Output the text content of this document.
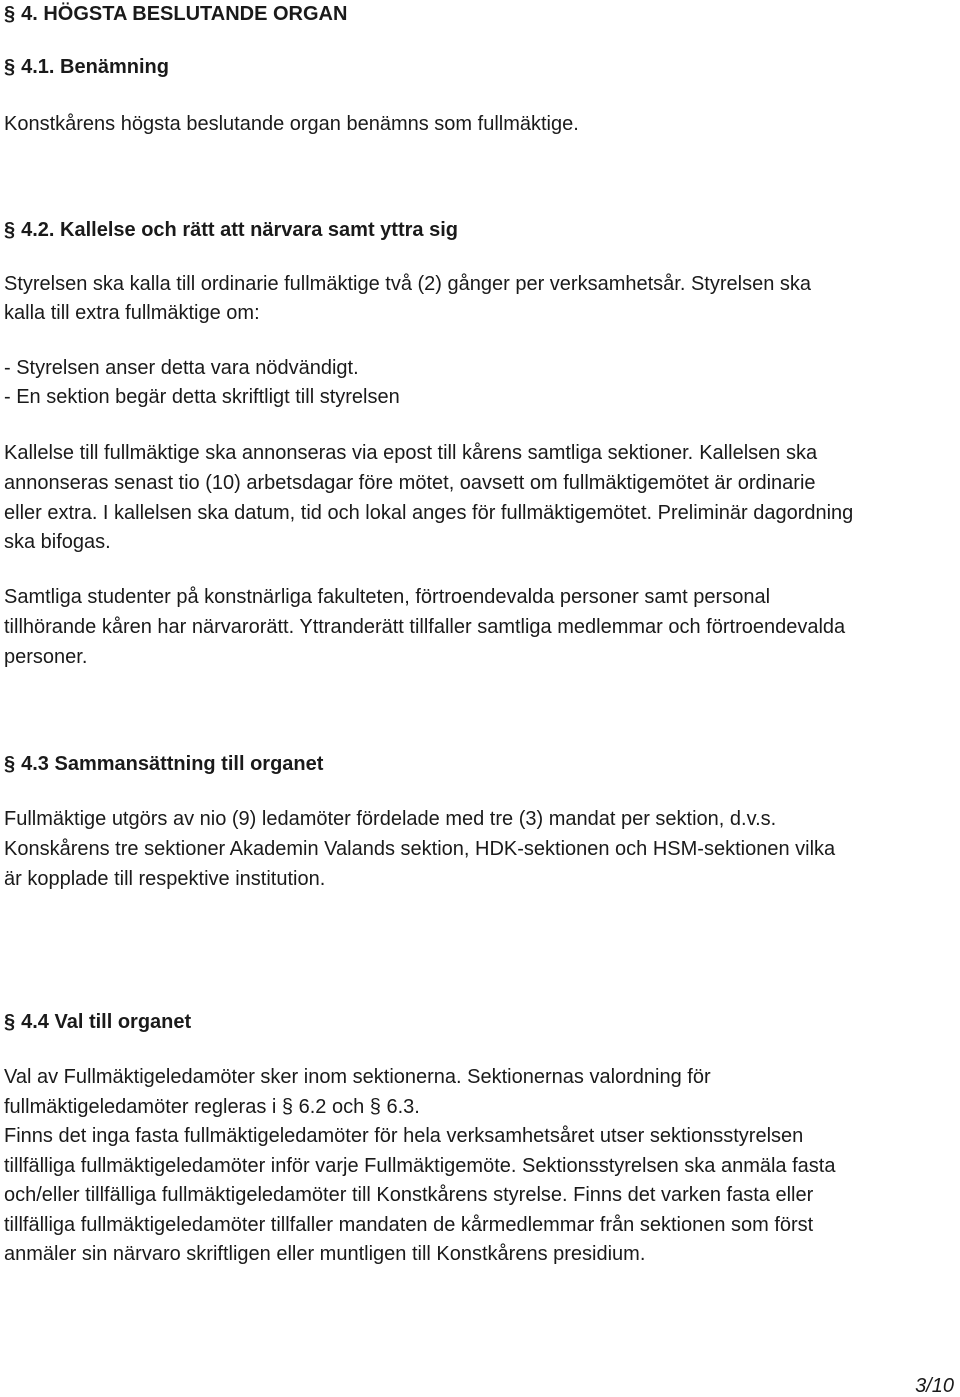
§ 4. HÖGSTA BESLUTANDE ORGAN
§ 4.1. Benämning
Konstkårens högsta beslutande organ benämns som fullmäktige.
§ 4.2. Kallelse och rätt att närvara samt yttra sig
Styrelsen ska kalla till ordinarie fullmäktige två (2) gånger per verksamhetsår. Styrelsen ska
kalla till extra fullmäktige om:
- Styrelsen anser detta vara nödvändigt.
- En sektion begär detta skriftligt till styrelsen
Kallelse till fullmäktige ska annonseras via epost till kårens samtliga sektioner. Kallelsen ska
annonseras senast tio (10) arbetsdagar före mötet, oavsett om fullmäktigemötet är ordinarie
eller extra. I kallelsen ska datum, tid och lokal anges för fullmäktigemötet. Preliminär dagordning
ska bifogas.
Samtliga studenter på konstnärliga fakulteten, förtroendevalda personer samt personal
tillhörande kåren har närvarorätt. Yttranderätt tillfaller samtliga medlemmar och förtroendevalda
personer.
§ 4.3 Sammansättning till organet
Fullmäktige utgörs av nio (9) ledamöter fördelade med tre (3) mandat per sektion, d.v.s.
Konskårens tre sektioner Akademin Valands sektion, HDK-sektionen och HSM-sektionen vilka
är kopplade till respektive institution.
§ 4.4 Val till organet
Val av Fullmäktigeledamöter sker inom sektionerna. Sektionernas valordning för
fullmäktigeledamöter regleras i § 6.2 och § 6.3.
Finns det inga fasta fullmäktigeledamöter för hela verksamhetsåret utser sektionsstyrelsen
tillfälliga fullmäktigeledamöter inför varje Fullmäktigemöte. Sektionsstyrelsen ska anmäla fasta
och/eller tillfälliga fullmäktigeledamöter till Konstkårens styrelse. Finns det varken fasta eller
tillfälliga fullmäktigeledamöter tillfaller mandaten de kårmedlemmar från sektionen som först
anmäler sin närvaro skriftligen eller muntligen till Konstkårens presidium.
3/10
